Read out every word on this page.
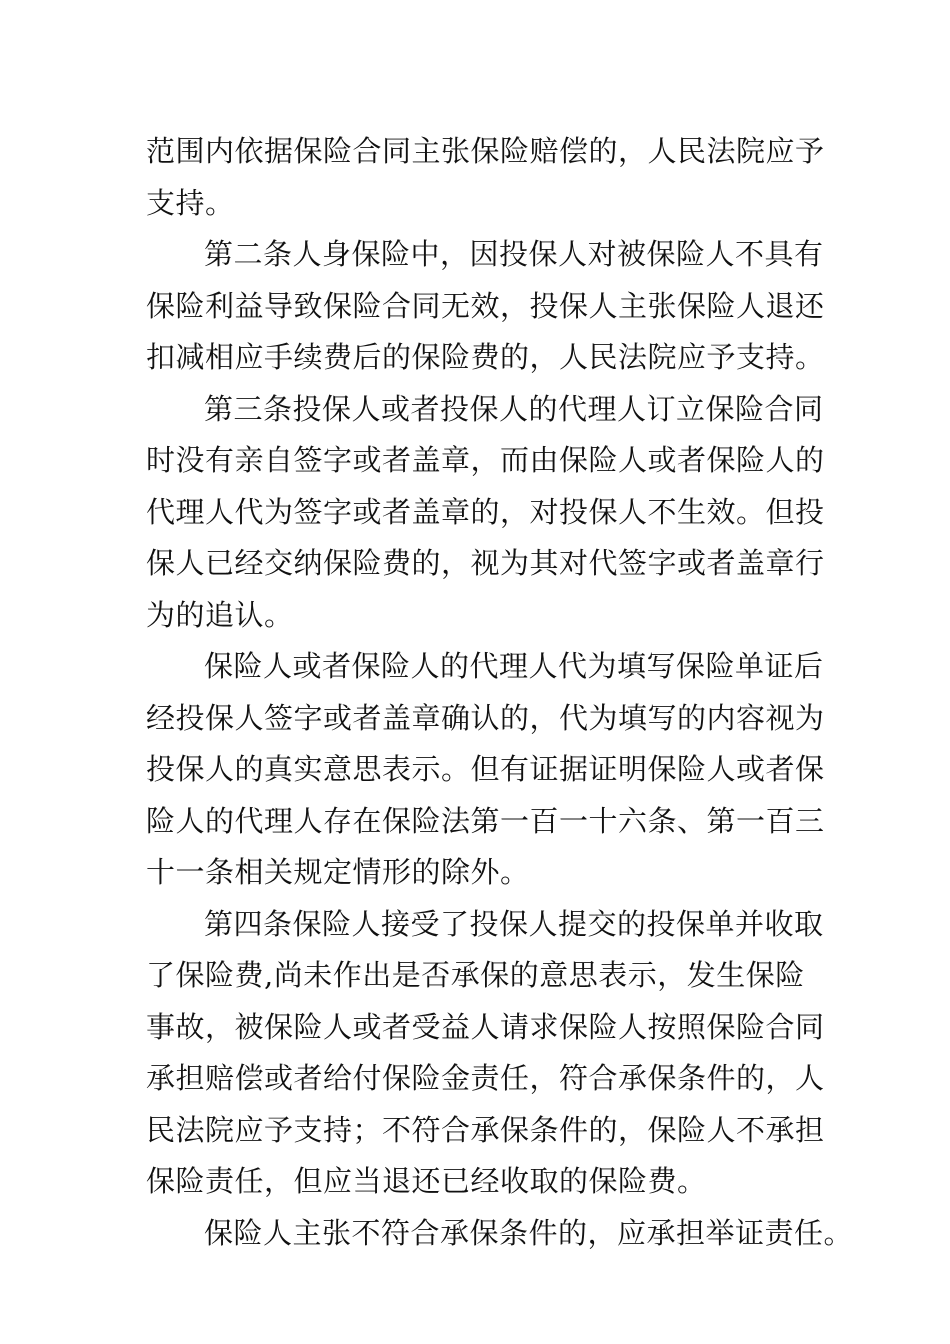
范围内依据保险合同主张保险赔偿的，人民法院应予
支持。
第二条人身保险中，因投保人对被保险人不具有
保险利益导致保险合同无效，投保人主张保险人退还
扣减相应手续费后的保险费的，人民法院应予支持。
第三条投保人或者投保人的代理人订立保险合同
时没有亲自签字或者盖章，而由保险人或者保险人的
代理人代为签字或者盖章的，对投保人不生效。但投
保人已经交纳保险费的，视为其对代签字或者盖章行
为的追认。
保险人或者保险人的代理人代为填写保险单证后
经投保人签字或者盖章确认的，代为填写的内容视为
投保人的真实意思表示。但有证据证明保险人或者保
险人的代理人存在保险法第一百一十六条、第一百三
十一条相关规定情形的除外。
第四条保险人接受了投保人提交的投保单并收取
了保险费,尚未作出是否承保的意思表示，发生保险
事故，被保险人或者受益人请求保险人按照保险合同
承担赔偿或者给付保险金责任，符合承保条件的，人
民法院应予支持；不符合承保条件的，保险人不承担
保险责任，但应当退还已经收取的保险费。
保险人主张不符合承保条件的，应承担举证责任。
